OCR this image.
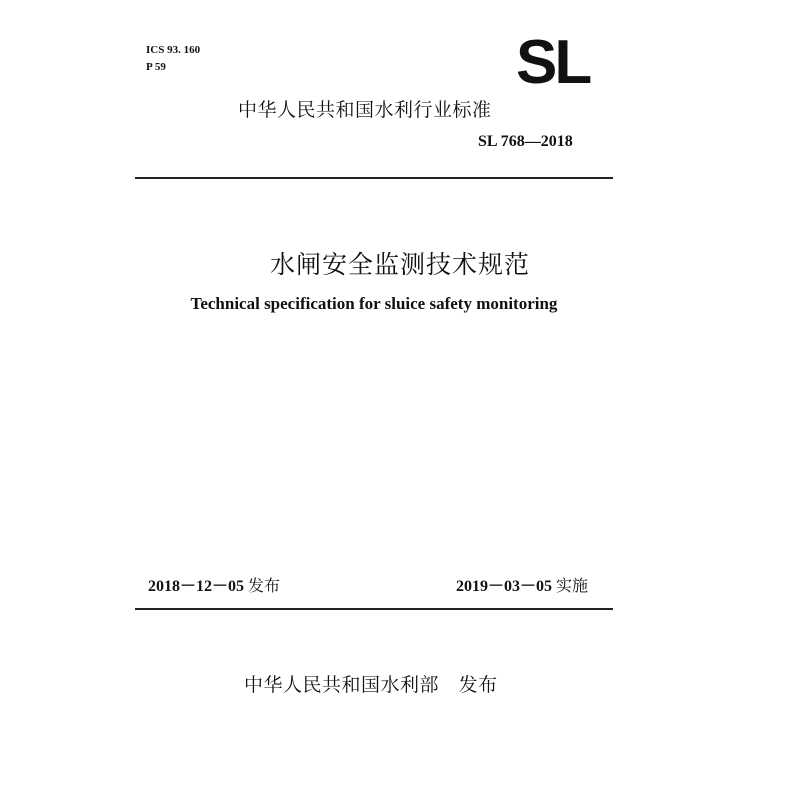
ICS 93. 160
P 59	SL
中华人民共和国水利行业标准
SL 768—2018
水闸安全监测技术规范
Technical specification for sluice safety monitoring
2018－12－05 发布	2019－03－05 实施
中华人民共和国水利部   发布
